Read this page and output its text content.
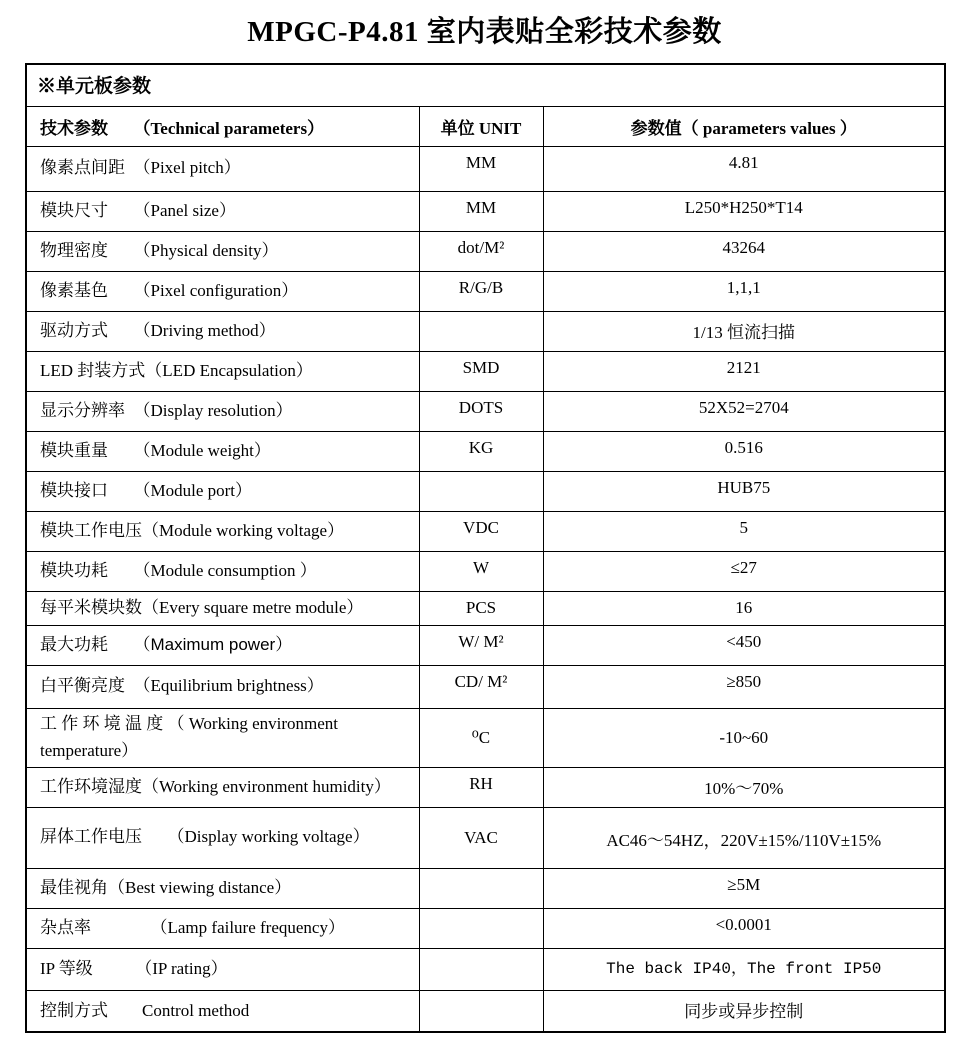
MPGC-P4.81 室内表贴全彩技术参数
※单元板参数		
技术参数　　（Technical parameters）	单位 UNIT	参数值（ parameters values ）
像素点间距　（Pixel pitch）	MM	4.81
模块尺寸　　（Panel size）	MM	L250*H250*T14
物理密度　　（Physical density）	dot/M²	43264
像素基色　　（Pixel configuration）	R/G/B	1,1,1
驱动方式　　（Driving method）		1/13 恒流扫描
LED 封装方式（LED Encapsulation）	SMD	2121
显示分辨率　（Display resolution）	DOTS	52X52=2704
模块重量　　（Module weight）	KG	0.516
模块接口　　（Module port）		HUB75
模块工作电压（Module working voltage）	VDC	5
模块功耗　　（Module consumption ）	W	≤27
每平米模块数（Every square metre module）	PCS	16
最大功耗　　（Maximum power）	W/ M²	<450
白平衡亮度　（Equilibrium brightness）	CD/ M²	≥850
工 作 环 境 温 度 （ Working environment temperature）	⁰C	-10~60
工作环境湿度（Working environment humidity）	RH	10%～70%
屏体工作电压　　（Display working voltage）	VAC	AC46～54HZ，220V±15%/110V±15%
最佳视角（Best viewing distance）		≥5M
杂点率　　　　（Lamp failure frequency）		<0.0001
IP 等级　　　（IP rating）		The back IP40，The front IP50
控制方式　　Control method		同步或异步控制
